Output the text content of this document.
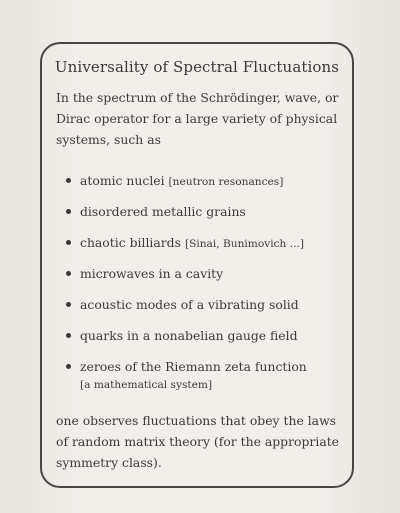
Universality of Spectral Fluctuations
In the spectrum of the Schrödinger, wave, or Dirac operator for a large variety of physical systems, such as
atomic nuclei [neutron resonances]
disordered metallic grains
chaotic billiards [Sinai, Bunimovich ...]
microwaves in a cavity
acoustic modes of a vibrating solid
quarks in a nonabelian gauge field
zeroes of the Riemann zeta function
[a mathematical system]
one observes fluctuations that obey the laws of random matrix theory (for the appropriate symmetry class).
